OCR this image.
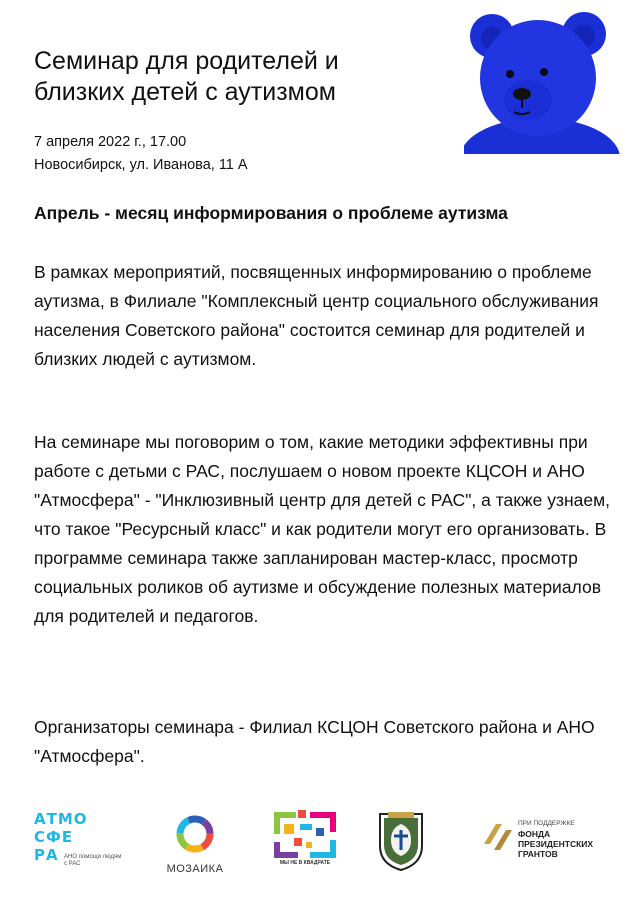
Семинар для родителей и близких детей с аутизмом
7 апреля 2022 г., 17.00
Новосибирск, ул. Иванова, 11 А
Апрель - месяц информирования о проблеме аутизма

В рамках мероприятий, посвященных информированию о проблеме аутизма, в Филиале "Комплексный центр социального обслуживания населения Советского района" состоится семинар для родителей и близких людей с аутизмом.

На семинаре мы поговорим о том, какие методики эффективны при работе с детьми с РАС, послушаем о новом проекте КЦСОН и АНО "Атмосфера" - "Инклюзивный центр для детей с РАС", а также узнаем, что такое "Ресурсный класс" и как родители могут его организовать. В программе семинара также запланирован мастер-класс, просмотр социальных роликов об аутизме и обсуждение полезных материалов для родителей и педагогов.

Организаторы семинара - Филиал КСЦОН Советского района и АНО "Атмосфера".

АТМО
СФЕ
РА АНО помощи людям с РАС	МОЗАИКА	МЫ НЕ В КВАДРАТЕ
ПРИ ПОДДЕРЖКЕ
ФОНДА
ПРЕЗИДЕНТСКИХ
ГРАНТОВ
